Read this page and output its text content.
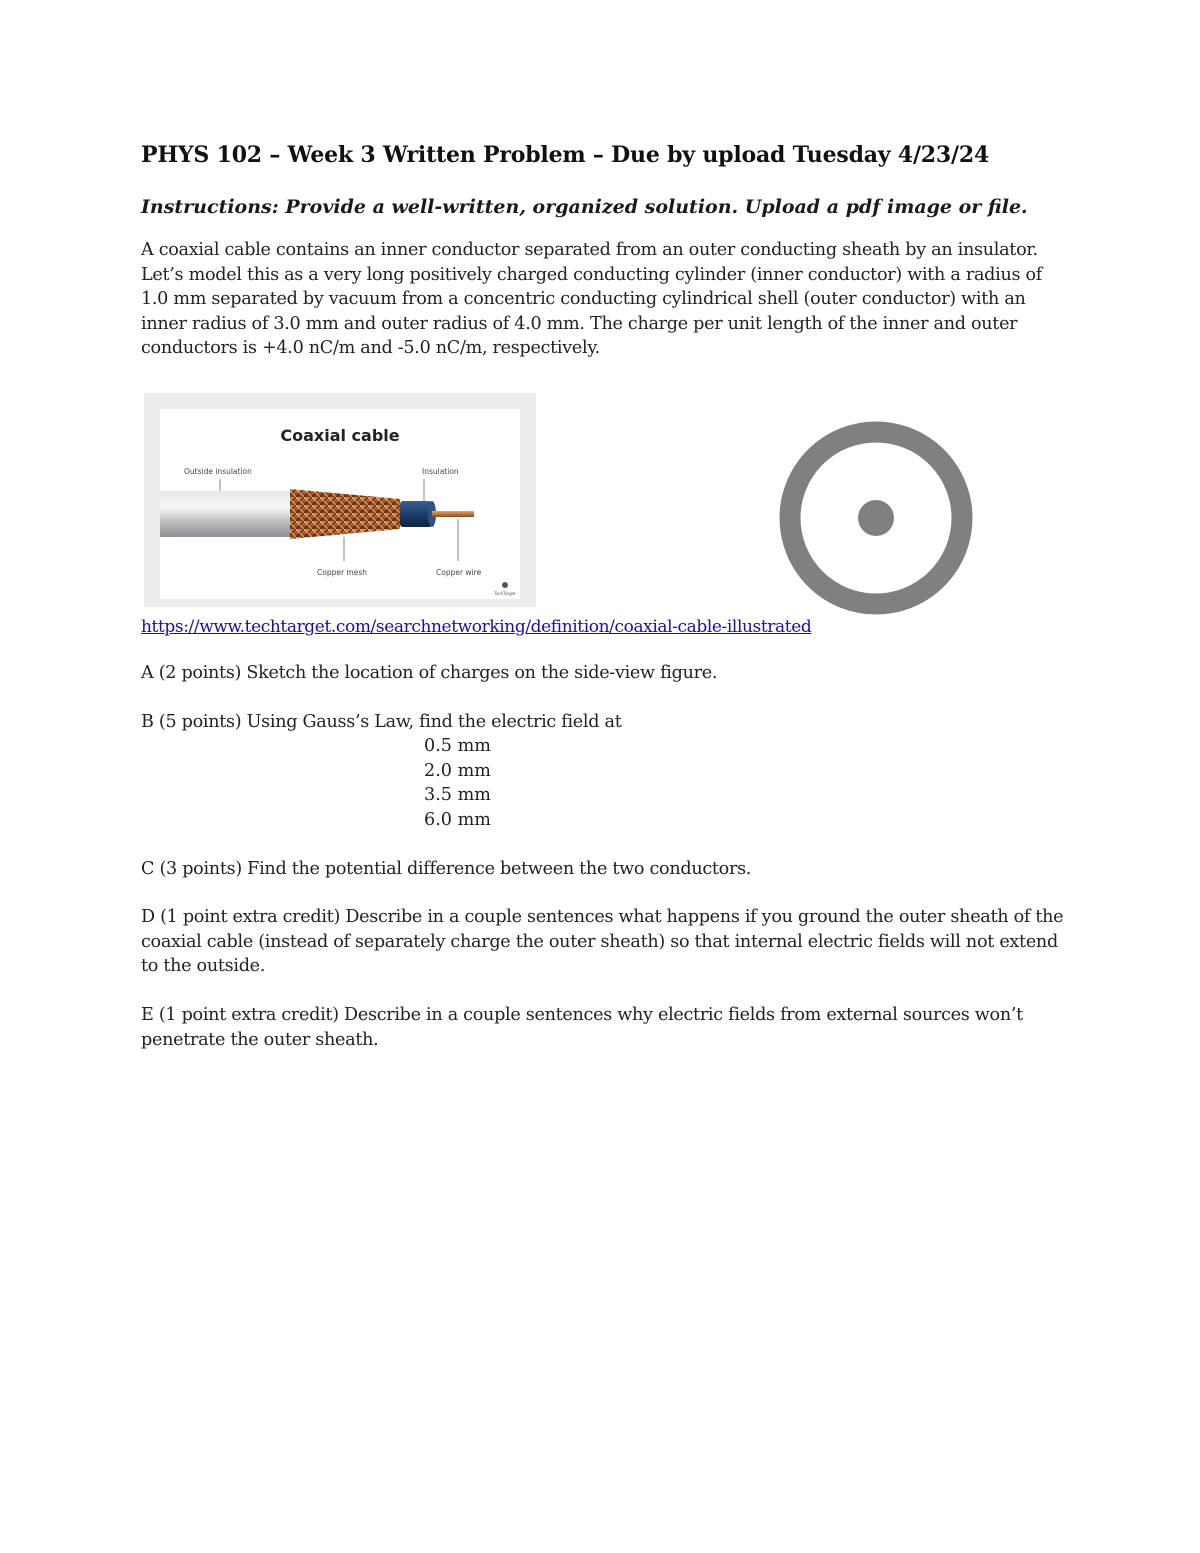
PHYS 102 – Week 3 Written Problem – Due by upload Tuesday 4/23/24

Instructions: Provide a well-written, organized solution. Upload a pdf image or file.

A coaxial cable contains an inner conductor separated from an outer conducting sheath by an insulator. Let’s model this as a very long positively charged conducting cylinder (inner conductor) with a radius of 1.0 mm separated by vacuum from a concentric conducting cylindrical shell (outer conductor) with an inner radius of 3.0 mm and outer radius of 4.0 mm. The charge per unit length of the inner and outer conductors is +4.0 nC/m and -5.0 nC/m, respectively.

Coaxial cable
Outside insulation	Insulation
Copper mesh	Copper wire
TechTarget

https://www.techtarget.com/searchnetworking/definition/coaxial-cable-illustrated

A (2 points) Sketch the location of charges on the side-view figure.

B (5 points) Using Gauss’s Law, find the electric field at

0.5 mm
2.0 mm
3.5 mm
6.0 mm

C (3 points) Find the potential difference between the two conductors.

D (1 point extra credit) Describe in a couple sentences what happens if you ground the outer sheath of the coaxial cable (instead of separately charge the outer sheath) so that internal electric fields will not extend to the outside.

E (1 point extra credit) Describe in a couple sentences why electric fields from external sources won’t penetrate the outer sheath.
